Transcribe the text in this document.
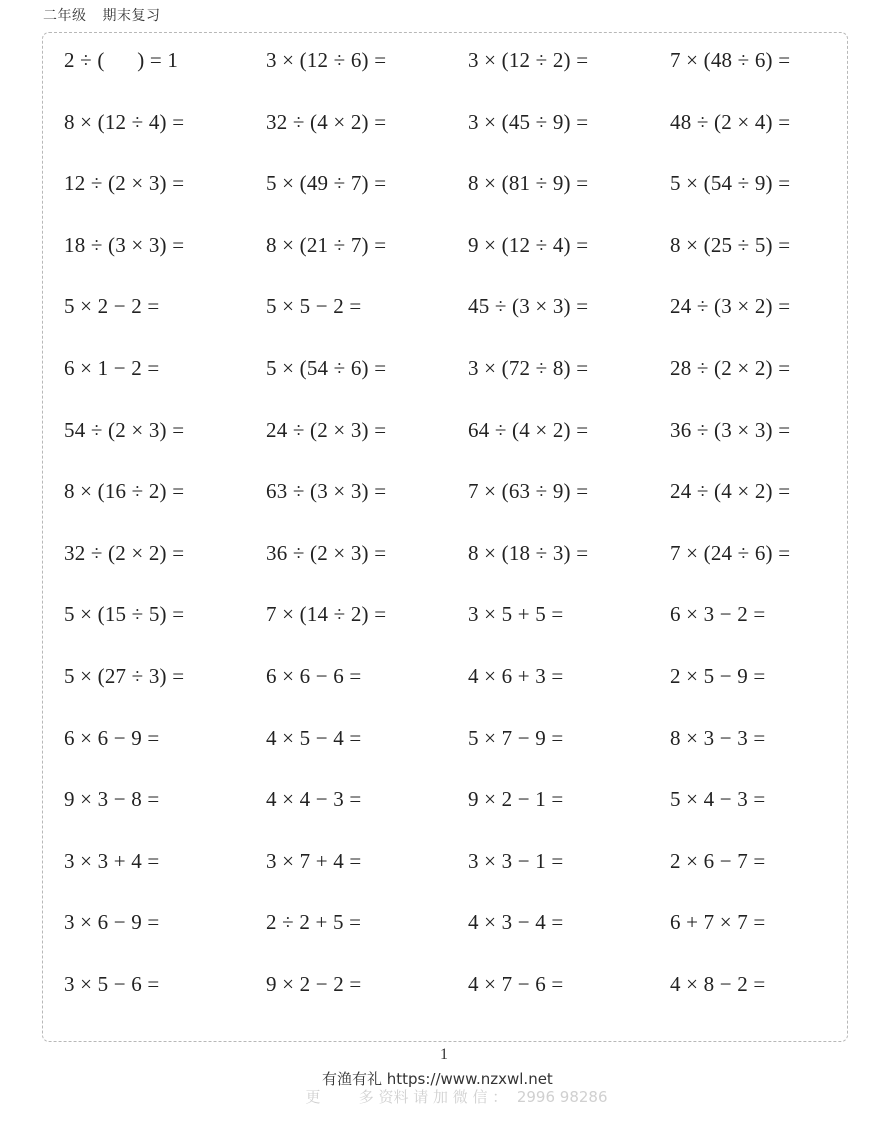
二年级 期末复习
2 ÷ (      ) = 1	3 × (12 ÷ 6) =	3 × (12 ÷ 2) =	7 × (48 ÷ 6) =
8 × (12 ÷ 4) =	32 ÷ (4 × 2) =	3 × (45 ÷ 9) =	48 ÷ (2 × 4) =
12 ÷ (2 × 3) =	5 × (49 ÷ 7) =	8 × (81 ÷ 9) =	5 × (54 ÷ 9) =
18 ÷ (3 × 3) =	8 × (21 ÷ 7) =	9 × (12 ÷ 4) =	8 × (25 ÷ 5) =
5 × 2 − 2 =	5 × 5 − 2 =	45 ÷ (3 × 3) =	24 ÷ (3 × 2) =
6 × 1 − 2 =	5 × (54 ÷ 6) =	3 × (72 ÷ 8) =	28 ÷ (2 × 2) =
54 ÷ (2 × 3) =	24 ÷ (2 × 3) =	64 ÷ (4 × 2) =	36 ÷ (3 × 3) =
8 × (16 ÷ 2) =	63 ÷ (3 × 3) =	7 × (63 ÷ 9) =	24 ÷ (4 × 2) =
32 ÷ (2 × 2) =	36 ÷ (2 × 3) =	8 × (18 ÷ 3) =	7 × (24 ÷ 6) =
5 × (15 ÷ 5) =	7 × (14 ÷ 2) =	3 × 5 + 5 =	6 × 3 − 2 =
5 × (27 ÷ 3) =	6 × 6 − 6 =	4 × 6 + 3 =	2 × 5 − 9 =
6 × 6 − 9 =	4 × 5 − 4 =	5 × 7 − 9 =	8 × 3 − 3 =
9 × 3 − 8 =	4 × 4 − 3 =	9 × 2 − 1 =	5 × 4 − 3 =
3 × 3 + 4 =	3 × 7 + 4 =	3 × 3 − 1 =	2 × 6 − 7 =
3 × 6 − 9 =	2 ÷ 2 + 5 =	4 × 3 − 4 =	6 + 7 × 7 =
3 × 5 − 6 =	9 × 2 − 2 =	4 × 7 − 6 =	4 × 8 − 2 =
1

更        多 资料 请 加 微 信 ：  2996 98286

有渔有礼 https://www.nzxwl.net
